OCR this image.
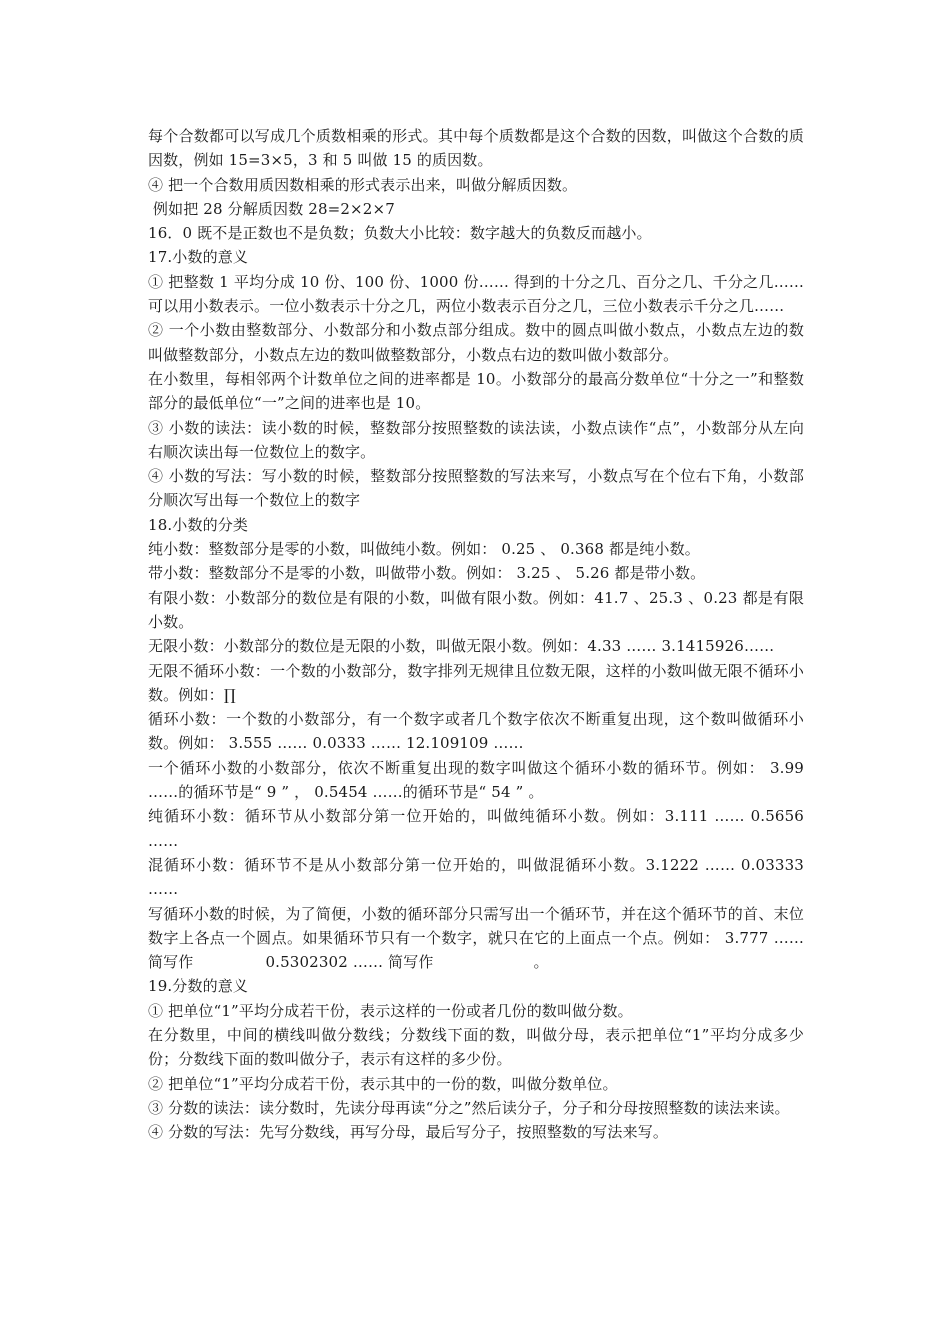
每个合数都可以写成几个质数相乘的形式。其中每个质数都是这个合数的因数，叫做这个合数的质因数，例如 15=3×5，3 和 5 叫做 15 的质因数。

④ 把一个合数用质因数相乘的形式表示出来，叫做分解质因数。

例如把 28 分解质因数 28=2×2×7

16．0 既不是正数也不是负数；负数大小比较：数字越大的负数反而越小。

17.小数的意义

① 把整数 1 平均分成 10 份、100 份、1000 份…… 得到的十分之几、百分之几、千分之几…… 可以用小数表示。一位小数表示十分之几，两位小数表示百分之几，三位小数表示千分之几……

② 一个小数由整数部分、小数部分和小数点部分组成。数中的圆点叫做小数点，小数点左边的数叫做整数部分，小数点左边的数叫做整数部分，小数点右边的数叫做小数部分。

在小数里，每相邻两个计数单位之间的进率都是 10。小数部分的最高分数单位“十分之一”和整数部分的最低单位“一”之间的进率也是 10。

③ 小数的读法：读小数的时候，整数部分按照整数的读法读，小数点读作“点”，小数部分从左向右顺次读出每一位数位上的数字。

④ 小数的写法：写小数的时候，整数部分按照整数的写法来写，小数点写在个位右下角，小数部分顺次写出每一个数位上的数字

18.小数的分类

纯小数：整数部分是零的小数，叫做纯小数。例如： 0.25 、 0.368 都是纯小数。

带小数：整数部分不是零的小数，叫做带小数。例如： 3.25 、 5.26 都是带小数。

有限小数：小数部分的数位是有限的小数，叫做有限小数。例如：41.7 、25.3 、0.23 都是有限小数。

无限小数：小数部分的数位是无限的小数，叫做无限小数。例如：4.33 …… 3.1415926……

无限不循环小数：一个数的小数部分，数字排列无规律且位数无限，这样的小数叫做无限不循环小数。例如：∏

循环小数：一个数的小数部分，有一个数字或者几个数字依次不断重复出现，这个数叫做循环小数。例如： 3.555 …… 0.0333 …… 12.109109 ……

一个循环小数的小数部分，依次不断重复出现的数字叫做这个循环小数的循环节。例如： 3.99 ……的循环节是“ 9 ” ， 0.5454 ……的循环节是“ 54 ” 。

纯循环小数：循环节从小数部分第一位开始的，叫做纯循环小数。例如：3.111 …… 0.5656 ……

混循环小数：循环节不是从小数部分第一位开始的，叫做混循环小数。3.1222 …… 0.03333 ……

写循环小数的时候，为了简便，小数的循环部分只需写出一个循环节，并在这个循环节的首、末位数字上各点一个圆点。如果循环节只有一个数字，就只在它的上面点一个点。例如： 3.777 …… 简写作	0.5302302 …… 简写作	。

19.分数的意义

① 把单位“1”平均分成若干份，表示这样的一份或者几份的数叫做分数。

在分数里，中间的横线叫做分数线；分数线下面的数，叫做分母，表示把单位“1”平均分成多少份；分数线下面的数叫做分子，表示有这样的多少份。

② 把单位“1”平均分成若干份，表示其中的一份的数，叫做分数单位。

③ 分数的读法：读分数时，先读分母再读“分之”然后读分子，分子和分母按照整数的读法来读。

④ 分数的写法：先写分数线，再写分母，最后写分子，按照整数的写法来写。
